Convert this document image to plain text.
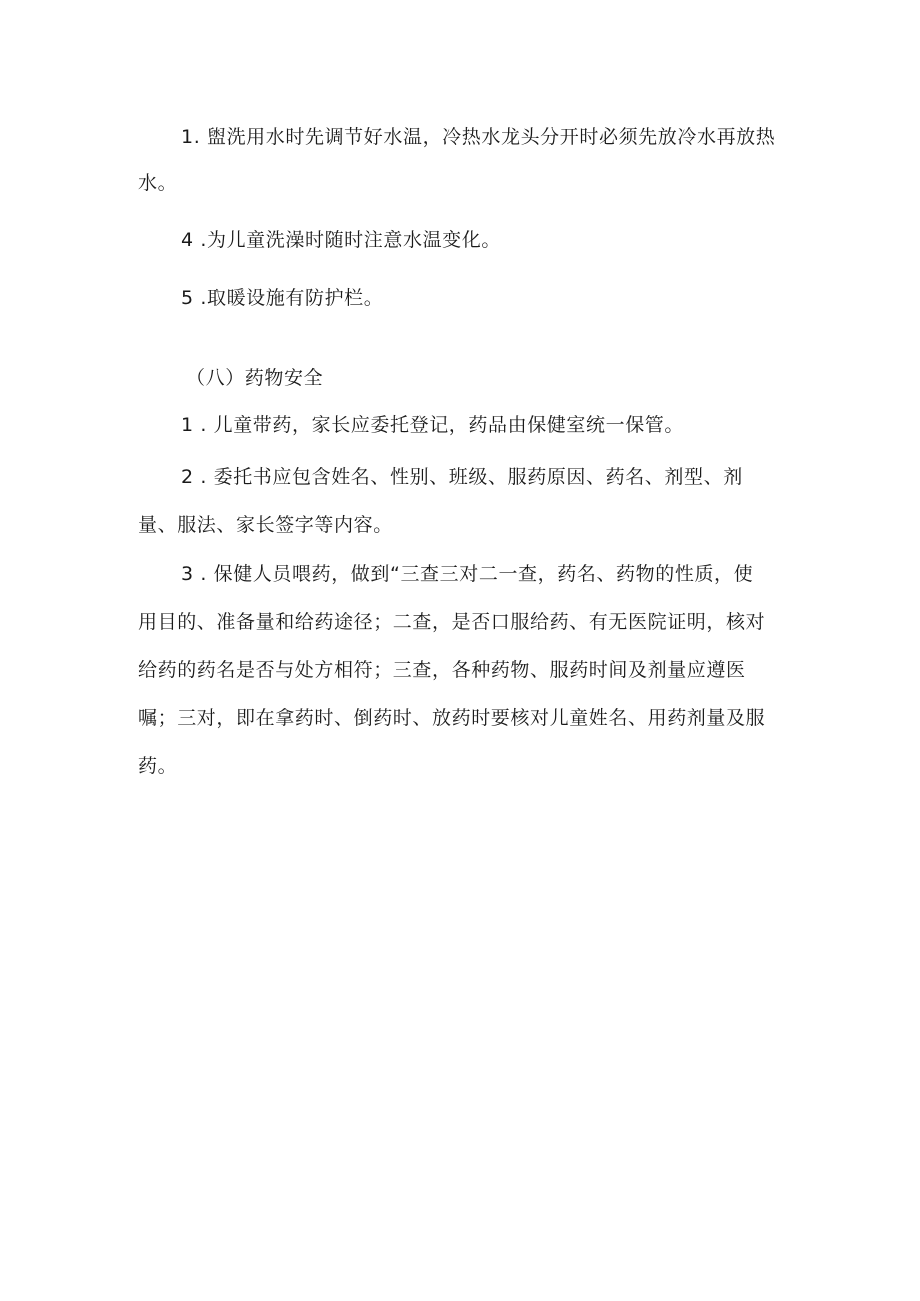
1. 盥洗用水时先调节好水温，冷热水龙头分开时必须先放冷水再放热
水。
4 .为儿童洗澡时随时注意水温变化。
5 .取暖设施有防护栏。
（八）药物安全
1 . 儿童带药，家长应委托登记，药品由保健室统一保管。
2 . 委托书应包含姓名、性别、班级、服药原因、药名、剂型、剂
量、服法、家长签字等内容。
3 . 保健人员喂药，做到“三查三对二一查，药名、药物的性质，使
用目的、准备量和给药途径；二查，是否口服给药、有无医院证明，核对
给药的药名是否与处方相符；三查，各种药物、服药时间及剂量应遵医
嘱；三对，即在拿药时、倒药时、放药时要核对儿童姓名、用药剂量及服
药。
